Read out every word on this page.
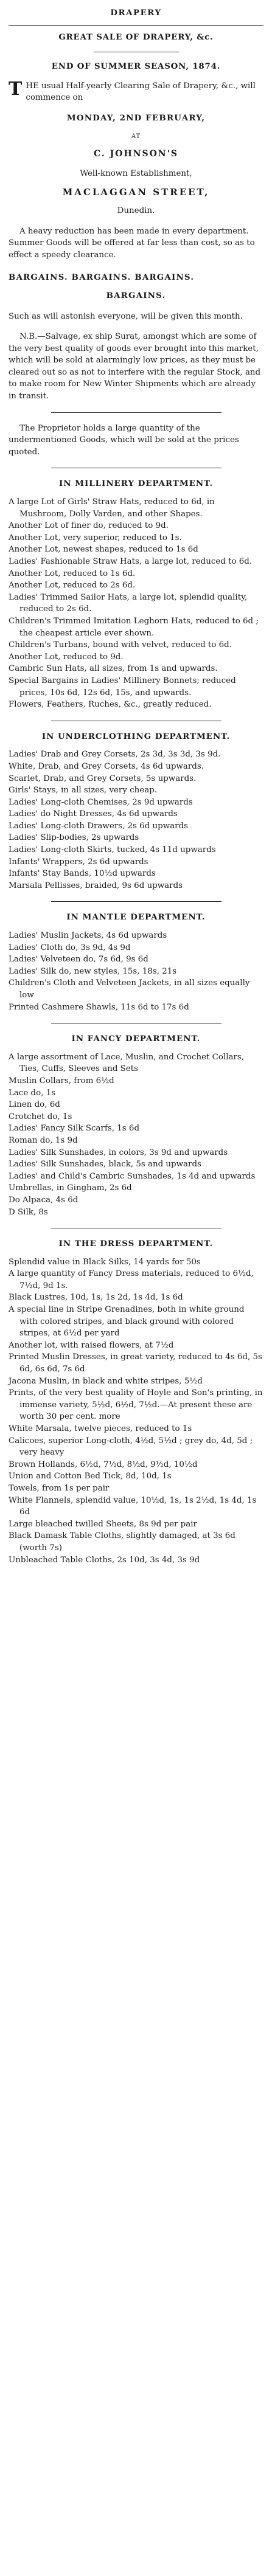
DRAPERY
GREAT SALE OF DRAPERY, &c.
END OF SUMMER SEASON, 1874.

THE usual Half-yearly Clearing Sale of Drapery, &c., will commence on

MONDAY, 2ND FEBRUARY,
AT
C. JOHNSON'S
Well-known Establishment,
MACLAGGAN STREET,
Dunedin.

A heavy reduction has been made in every department. Summer Goods will be offered at far less than cost, so as to effect a speedy clearance.

BARGAINS. BARGAINS. BARGAINS.
BARGAINS.

Such as will astonish everyone, will be given this month.

N.B.—Salvage, ex ship Surat, amongst which are some of the very best quality of goods ever brought into this market, which will be sold at alarmingly low prices, as they must be cleared out so as not to interfere with the regular Stock, and to make room for New Winter Shipments which are already in transit.

The Proprietor holds a large quantity of the undermentioned Goods, which will be sold at the prices quoted.

IN MILLINERY DEPARTMENT.

A large Lot of Girls' Straw Hats, reduced to 6d, in Mushroom, Dolly Varden, and other Shapes.

Another Lot of finer do, reduced to 9d.

Another Lot, very superior, reduced to 1s.

Another Lot, newest shapes, reduced to 1s 6d

Ladies' Fashionable Straw Hats, a large lot, reduced to 6d.

Another Lot, reduced to 1s 6d.

Another Lot, reduced to 2s 6d.

Ladies' Trimmed Sailor Hats, a large lot, splendid quality, reduced to 2s 6d.

Children's Trimmed Imitation Leghorn Hats, reduced to 6d ; the cheapest article ever shown.

Children's Turbans, bound with velvet, reduced to 6d.

Another Lot, reduced to 9d.

Cambric Sun Hats, all sizes, from 1s and upwards.

Special Bargains in Ladies' Millinery Bonnets; reduced prices, 10s 6d, 12s 6d, 15s, and upwards.

Flowers, Feathers, Ruches, &c., greatly reduced.

IN UNDERCLOTHING DEPARTMENT.

Ladies' Drab and Grey Corsets, 2s 3d, 3s 3d, 3s 9d.

White, Drab, and Grey Corsets, 4s 6d upwards.

Scarlet, Drab, and Grey Corsets, 5s upwards.

Girls' Stays, in all sizes, very cheap.

Ladies' Long-cloth Chemises, 2s 9d upwards

Ladies' do Night Dresses, 4s 6d upwards

Ladies' Long-cloth Drawers, 2s 6d upwards

Ladies' Slip-bodies, 2s upwards

Ladies' Long-cloth Skirts, tucked, 4s 11d upwards

Infants' Wrappers, 2s 6d upwards

Infants' Stay Bands, 10½d upwards

Marsala Pellisses, braided, 9s 6d upwards

IN MANTLE DEPARTMENT.

Ladies' Muslin Jackets, 4s 6d upwards

Ladies' Cloth do, 3s 9d, 4s 9d

Ladies' Velveteen do, 7s 6d, 9s 6d

Ladies' Silk do, new styles, 15s, 18s, 21s

Children's Cloth and Velveteen Jackets, in all sizes equally low

Printed Cashmere Shawls, 11s 6d to 17s 6d

IN FANCY DEPARTMENT.

A large assortment of Lace, Muslin, and Crochet Collars, Ties, Cuffs, Sleeves and Sets

Muslin Collars, from 6½d

Lace do, 1s

Linen do, 6d

Crotchet do, 1s

Ladies' Fancy Silk Scarfs, 1s 6d

Roman do, 1s 9d

Ladies' Silk Sunshades, in colors, 3s 9d and upwards

Ladies' Silk Sunshades, black, 5s and upwards

Ladies' and Child's Cambric Sunshades, 1s 4d and upwards

Umbrellas, in Gingham, 2s 6d

Do Alpaca, 4s 6d

D Silk, 8s

IN THE DRESS DEPARTMENT.

Splendid value in Black Silks, 14 yards for 50s

A large quantity of Fancy Dress materials, reduced to 6½d, 7½d, 9d 1s.

Black Lustres, 10d, 1s, 1s 2d, 1s 4d, 1s 6d

A special line in Stripe Grenadines, both in white ground with colored stripes, and black ground with colored stripes, at 6½d per yard

Another lot, with raised flowers, at 7½d

Printed Muslin Dresses, in great variety, reduced to 4s 6d, 5s 6d, 6s 6d, 7s 6d

Jacona Muslin, in black and white stripes, 5½d

Prints, of the very best quality of Hoyle and Son's printing, in immense variety, 5½d, 6½d, 7½d.—At present these are worth 30 per cent. more

White Marsala, twelve pieces, reduced to 1s

Calicoes, superior Long-cloth, 4½d, 5½d ; grey do, 4d, 5d ; very heavy

Brown Hollands, 6½d, 7½d, 8½d, 9½d, 10½d

Union and Cotton Bed Tick, 8d, 10d, 1s

Towels, from 1s per pair

White Flannels, splendid value, 10½d, 1s, 1s 2½d, 1s 4d, 1s 6d

Large bleached twilled Sheets, 8s 9d per pair

Black Damask Table Cloths, slightly damaged, at 3s 6d (worth 7s)

Unbleached Table Cloths, 2s 10d, 3s 4d, 3s 9d
